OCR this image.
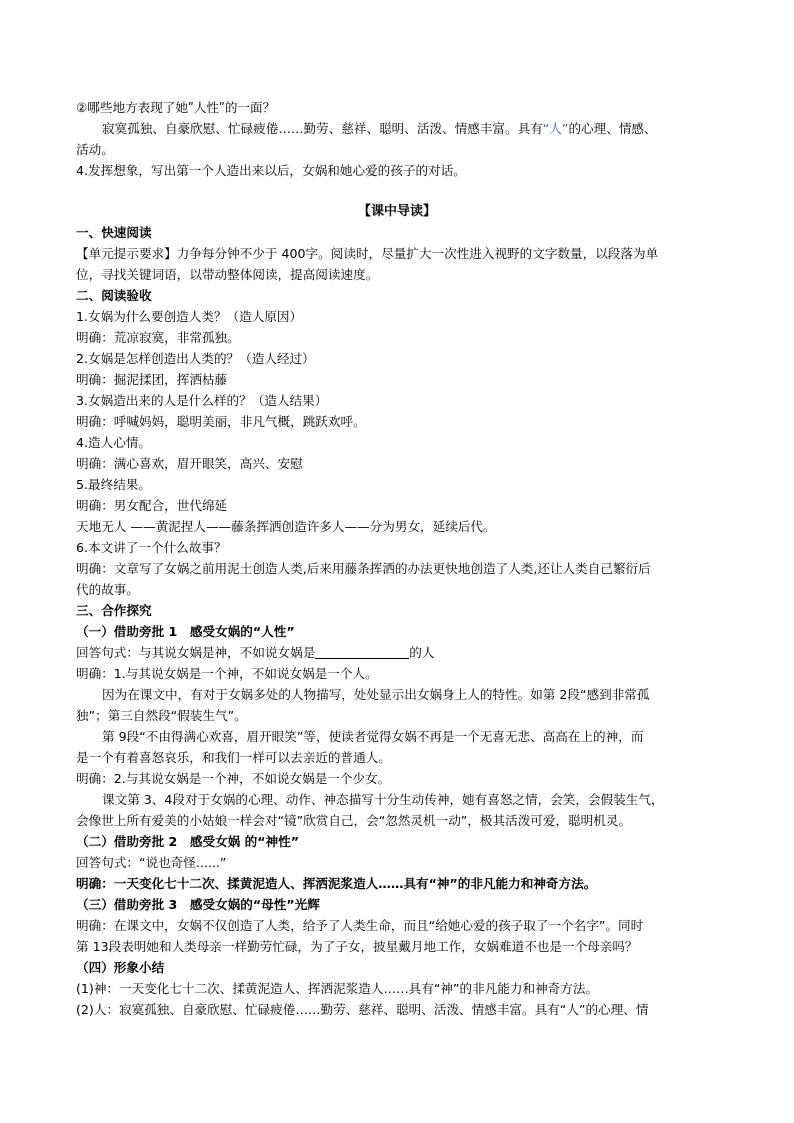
②哪些地方表现了她ʺ人性ʺ的一面？
寂寞孤独、自豪欣慰、忙碌疲倦……勤劳、慈祥、聪明、活泼、情感丰富。具有“人”的心理、情感、
活动。
4.发挥想象，写出第一个人造出来以后，女娲和她心爱的孩子的对话。
【课中导读】
一、快速阅读
【单元提示要求】力争每分钟不少于 400字。阅读时，尽量扩大一次性进入视野的文字数量，以段落为单
位，寻找关键词语，以带动整体阅读，提高阅读速度。
二、阅读验收
1.女娲为什么要创造人类？（造人原因）
明确：荒凉寂寞，非常孤独。
2.女娲是怎样创造出人类的？（造人经过）
明确：掘泥揉团，挥洒枯藤
3.女娲造出来的人是什么样的？（造人结果）
明确：呼喊妈妈，聪明美丽，非凡气概，跳跃欢呼。
4.造人心情。
明确：满心喜欢，眉开眼笑，高兴、安慰
5.最终结果。
明确：男女配合，世代绵延
天地无人 ——黄泥捏人——藤条挥洒创造许多人——分为男女，延续后代。
6.本文讲了一个什么故事？
明确：文章写了女娲之前用泥土创造人类,后来用藤条挥洒的办法更快地创造了人类,还让人类自己繁衍后
代的故事。
三、合作探究
（一）借助旁批 1　感受女娲的“人性”
回答句式：与其说女娲是神，不如说女娲是	的人
明确：1.与其说女娲是一个神，不如说女娲是一个人。
因为在课文中，有对于女娲多处的人物描写，处处显示出女娲身上人的特性。如第 2段“感到非常孤
独”；第三自然段“假装生气”。
第 9段“不由得满心欢喜，眉开眼笑”等，使读者觉得女娲不再是一个无喜无悲、高高在上的神，而
是一个有着喜怒哀乐，和我们一样可以去亲近的普通人。
明确：2.与其说女娲是一个神，不如说女娲是一个少女。
课文第 3、4段对于女娲的心理、动作、神态描写十分生动传神，她有喜怒之情，会笑，会假装生气，
会像世上所有爱美的小姑娘一样会对“镜”欣赏自己，会“忽然灵机一动”，极其活泼可爱，聪明机灵。
（二）借助旁批 2　感受女娲 的“神性”
回答句式：“说也奇怪......”
明确：一天变化七十二次、揉黄泥造人、挥洒泥浆造人……具有“神”的非凡能力和神奇方法。
（三）借助旁批 3　感受女娲的“母性”光辉
明确：在课文中，女娲不仅创造了人类，给予了人类生命，而且“给她心爱的孩子取了一个名字”。同时
第 13段表明她和人类母亲一样勤劳忙碌，为了子女，披星戴月地工作，女娲难道不也是一个母亲吗？
（四）形象小结
(1)神：一天变化七十二次、揉黄泥造人、挥洒泥浆造人……具有“神”的非凡能力和神奇方法。
(2)人：寂寞孤独、自豪欣慰、忙碌疲倦……勤劳、慈祥、聪明、活泼、情感丰富。具有“人”的心理、情
